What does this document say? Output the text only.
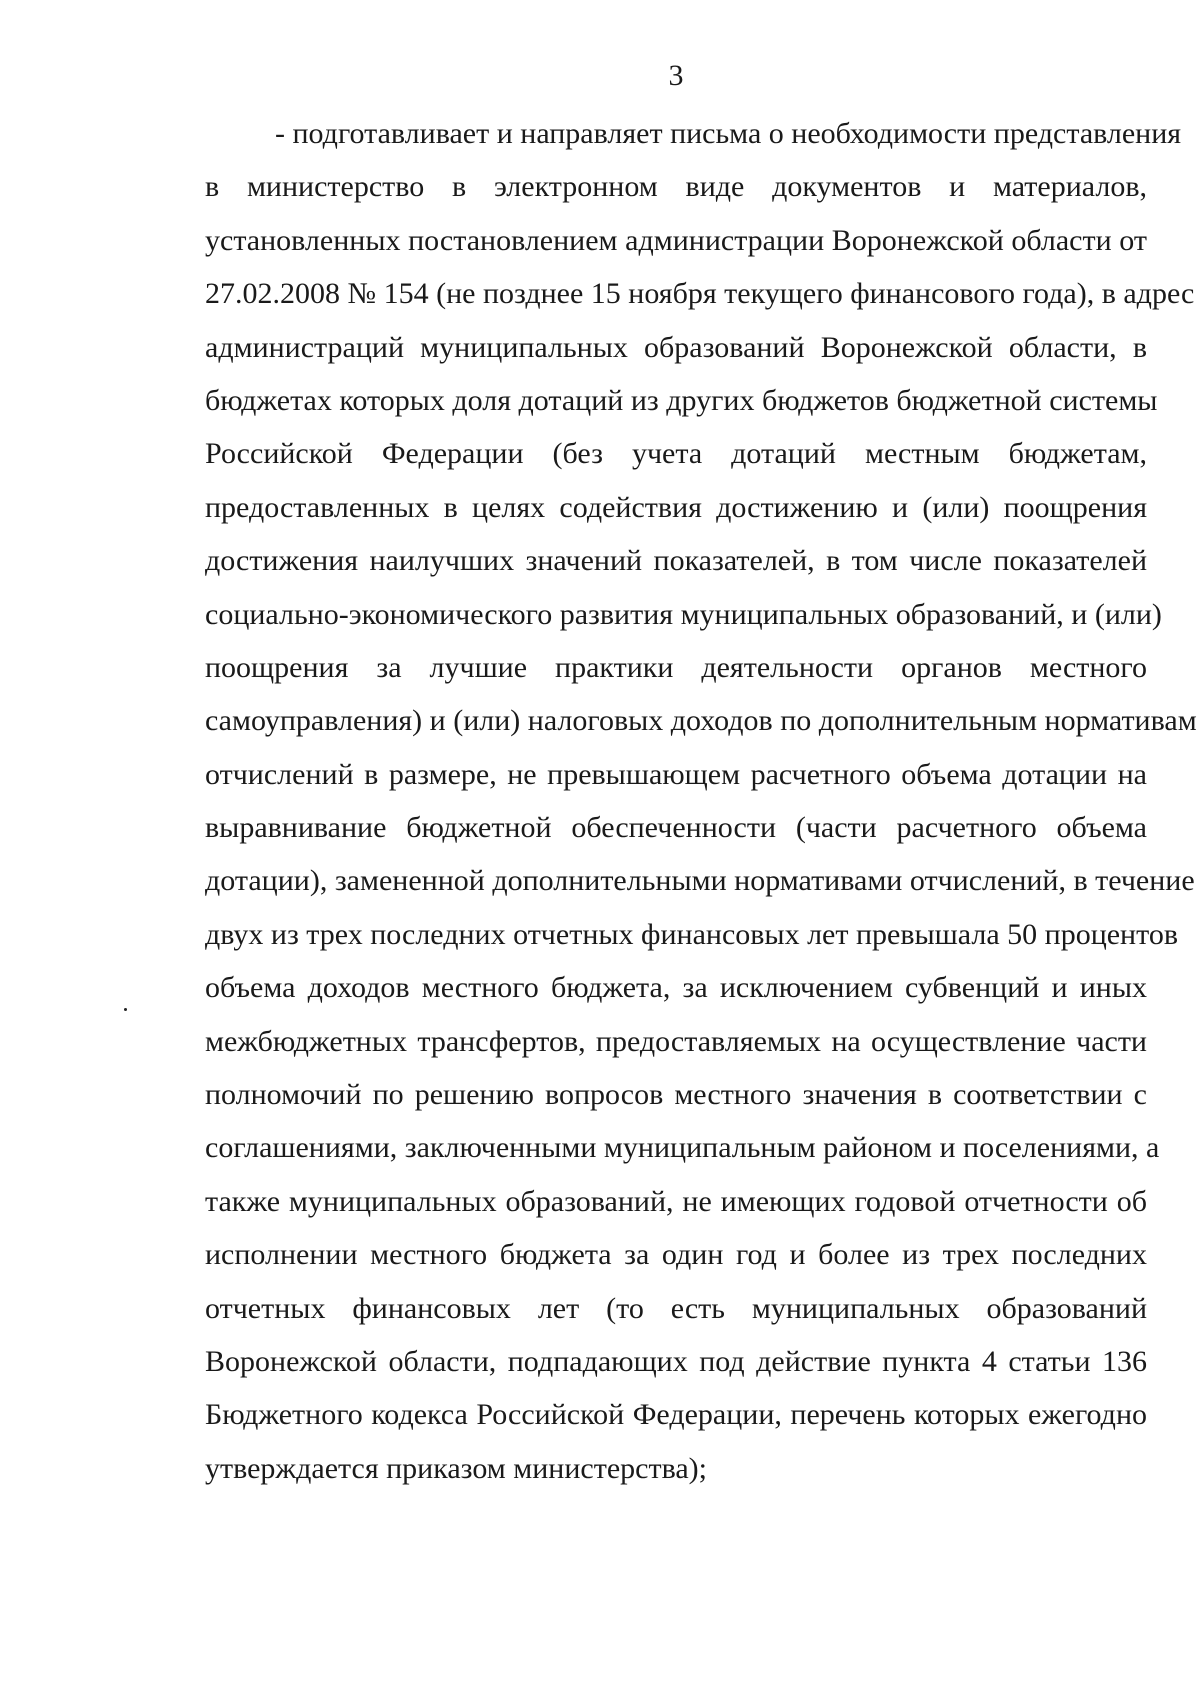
3
- подготавливает и направляет письма о необходимости представления
в министерство в электронном виде документов и материалов,
установленных постановлением администрации Воронежской области от
27.02.2008 № 154 (не позднее 15 ноября текущего финансового года), в адрес
администраций муниципальных образований Воронежской области, в
бюджетах которых доля дотаций из других бюджетов бюджетной системы
Российской Федерации (без учета дотаций местным бюджетам,
предоставленных в целях содействия достижению и (или) поощрения
достижения наилучших значений показателей, в том числе показателей
социально-экономического развития муниципальных образований, и (или)
поощрения за лучшие практики деятельности органов местного
самоуправления) и (или) налоговых доходов по дополнительным нормативам
отчислений в размере, не превышающем расчетного объема дотации на
выравнивание бюджетной обеспеченности (части расчетного объема
дотации), замененной дополнительными нормативами отчислений, в течение
двух из трех последних отчетных финансовых лет превышала 50 процентов
объема доходов местного бюджета, за исключением субвенций и иных
межбюджетных трансфертов, предоставляемых на осуществление части
полномочий по решению вопросов местного значения в соответствии с
соглашениями, заключенными муниципальным районом и поселениями, а
также муниципальных образований, не имеющих годовой отчетности об
исполнении местного бюджета за один год и более из трех последних
отчетных финансовых лет (то есть муниципальных образований
Воронежской области, подпадающих под действие пункта 4 статьи 136
Бюджетного кодекса Российской Федерации, перечень которых ежегодно
утверждается приказом министерства);
